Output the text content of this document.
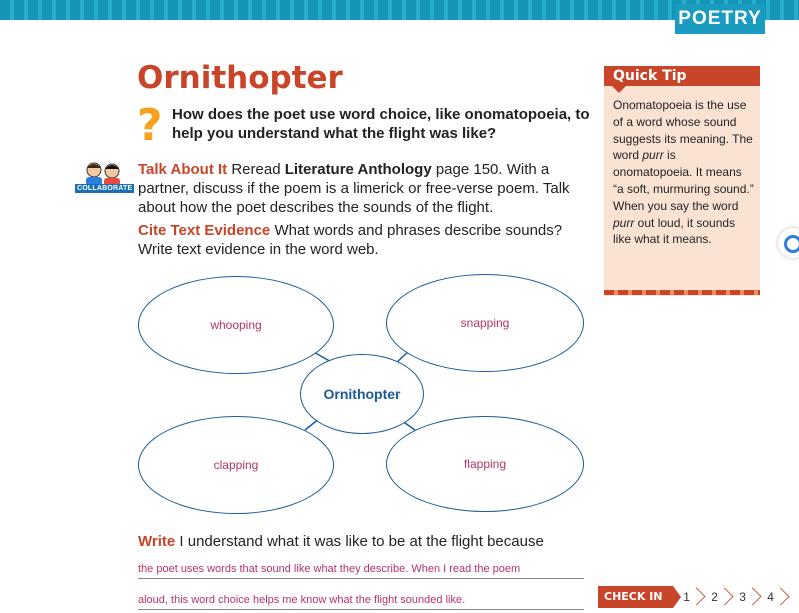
POETRY
Ornithopter
? How does the poet use word choice, like onomatopoeia, to help you understand what the flight was like?
COLLABORATE
Talk About It Reread Literature Anthology page 150. With a partner, discuss if the poem is a limerick or free-verse poem. Talk about how the poet describes the sounds of the flight.
Cite Text Evidence What words and phrases describe sounds? Write text evidence in the word web.
whooping	snapping
Ornithopter
clapping	flapping
Write I understand what it was like to be at the flight because
the poet uses words that sound like what they describe. When I read the poem
aloud, this word choice helps me know what the flight sounded like.
Quick Tip
Onomatopoeia is the use of a word whose sound suggests its meaning. The word purr is onomatopoeia. It means “a soft, murmuring sound.” When you say the word purr out loud, it sounds like what it means.
CHECK IN	1	2	3	4
